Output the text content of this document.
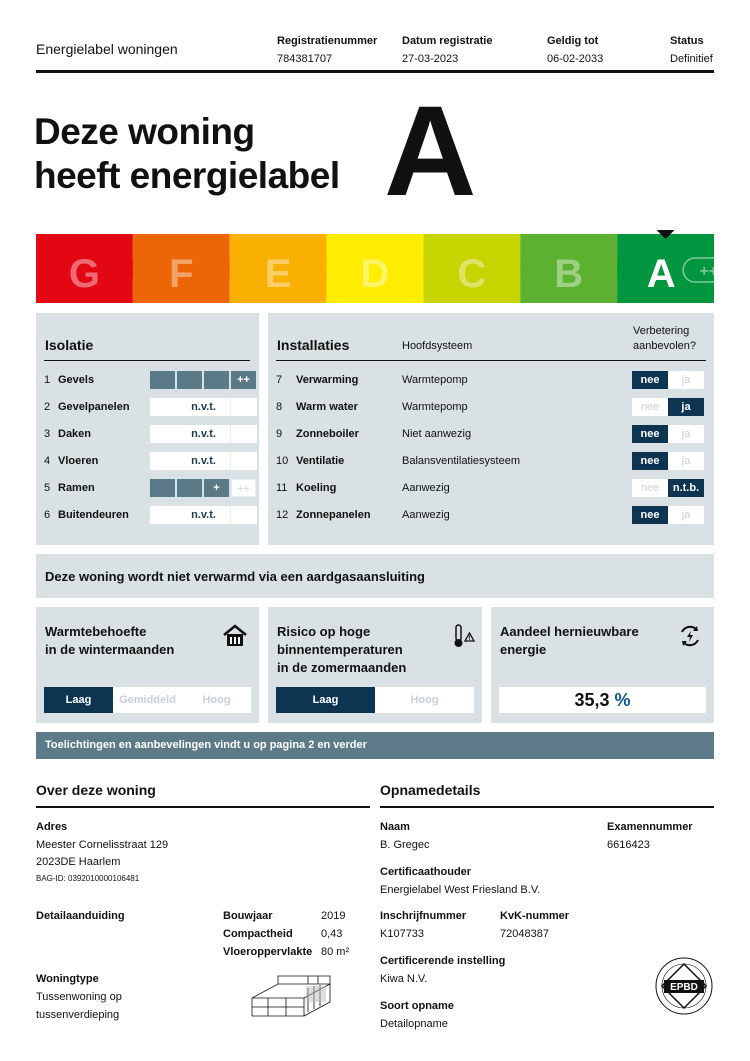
Energielabel woningen	Registratienummer
784381707
Datum registratie
27-03-2023
Geldig tot
06-02-2033
Status
Definitief
Deze woning
heeft energielabel A
G F E D C B A ++++
Isolatie
1 Gevels	++
2 Gevelpanelen	n.v.t.
3 Daken	n.v.t.
4 Vloeren	n.v.t.
5 Ramen	+	++
6 Buitendeuren	n.v.t.
Installaties	Hoofdsysteem
Verbetering
aanbevolen?
7	Verwarming	Warmtepomp	nee	ja
8	Warm water	Warmtepomp	nee	ja
9	Zonneboiler	Niet aanwezig	nee	ja
10 Ventilatie	Balansventilatiesysteem	nee	ja
11 Koeling	Aanwezig	nee	n.t.b.
12 Zonnepanelen	Aanwezig	nee	ja
Deze woning wordt niet verwarmd via een aardgasaansluiting
Warmtebehoefte
in de wintermaanden
Laag	Gemiddeld	Hoog
Risico op hoge
binnentemperaturen
in de zomermaanden
!
Laag	Hoog
Aandeel hernieuwbare
energie
35,3 %
Toelichtingen en aanbevelingen vindt u op pagina 2 en verder
Over deze woning
Adres
Meester Cornelisstraat 129
2023DE Haarlem
BAG-ID: 0392010000106481
Detailaanduiding	Bouwjaar	2019
Compactheid	0,43
Vloeroppervlakte 80 m²
Woningtype
Tussenwoning op
tussenverdieping
Opnamedetails
Naam
B. Gregec
Examennummer
6616423
Certificaathouder
Energielabel West Friesland B.V.
Inschrijfnummer
K107733
KvK-nummer
72048387
Certificerende instelling
Kiwa N.V.
Soort opname
Detailopname
EPBD
